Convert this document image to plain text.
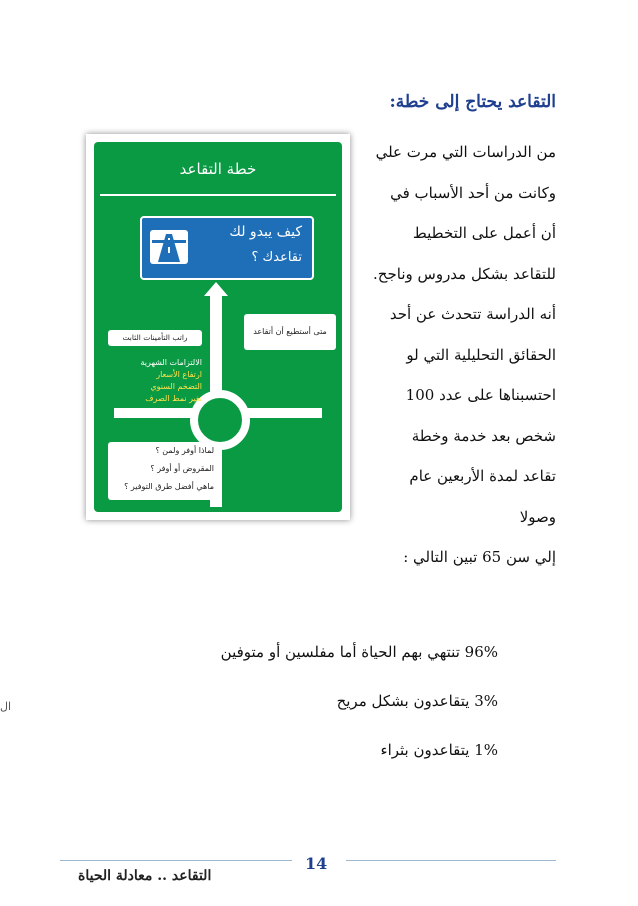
التقاعد يحتاج إلى خطة:
من الدراسات التي مرت علي
وكانت من أحد الأسباب في
أن أعمل على التخطيط
للتقاعد بشكل مدروس وناجح.
أنه الدراسة تتحدث عن أحد
الحقائق التحليلية التي لو
احتسبناها على عدد 100
شخص بعد خدمة وخطة
تقاعد لمدة الأربعين عام
وصولا
إلي سن 65 تبين التالي :
96% تنتهي بهم الحياة أما مفلسين أو متوفين
3% يتقاعدون بشكل مريح
1% يتقاعدون بثراء
ال
خطة التقاعد
كيف يبدو لك
تقاعدك ؟
متى أستطيع أن أتقاعد
راتب التأمينات الثابت
الالتزامات الشهرية
ارتفاع الأسعار
التضخم السنوي
تغير نمط الصرف
لماذا أوفر ولمن ؟
المقروض أو أوفر ؟
ماهي أفضل طرق التوفير ؟
14
التقاعد .. معادلة الحياة
